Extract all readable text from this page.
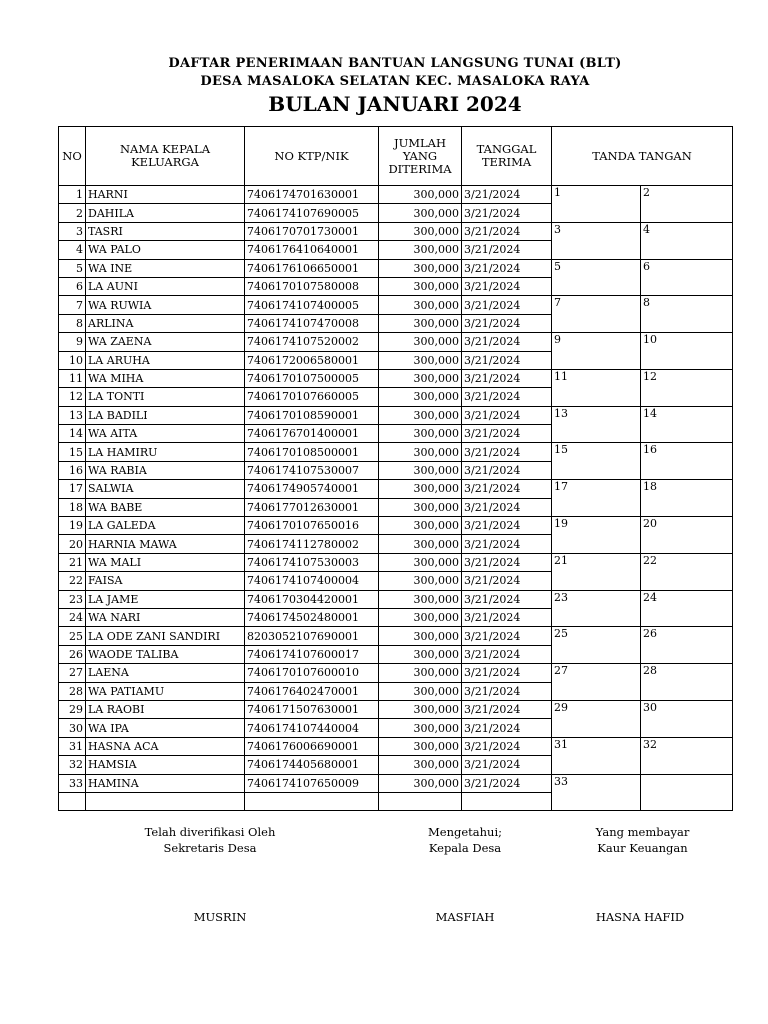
DAFTAR PENERIMAAN BANTUAN LANGSUNG TUNAI (BLT)
DESA MASALOKA SELATAN KEC. MASALOKA RAYA
BULAN JANUARI 2024
NO	NAMA KEPALA KELUARGA	NO KTP/NIK	JUMLAH YANG DITERIMA	TANGGAL TERIMA	TANDA TANGAN	
1	HARNI	7406174701630001	300,000	3/21/2024	1	2
2	DAHILA	7406174107690005	300,000	3/21/2024		
3	TASRI	7406170701730001	300,000	3/21/2024	3	4
4	WA PALO	7406176410640001	300,000	3/21/2024		
5	WA INE	7406176106650001	300,000	3/21/2024	5	6
6	LA AUNI	7406170107580008	300,000	3/21/2024		
7	WA RUWIA	7406174107400005	300,000	3/21/2024	7	8
8	ARLINA	7406174107470008	300,000	3/21/2024		
9	WA ZAENA	7406174107520002	300,000	3/21/2024	9	10
10	LA ARUHA	7406172006580001	300,000	3/21/2024		
11	WA MIHA	7406170107500005	300,000	3/21/2024	11	12
12	LA TONTI	7406170107660005	300,000	3/21/2024		
13	LA BADILI	7406170108590001	300,000	3/21/2024	13	14
14	WA AITA	7406176701400001	300,000	3/21/2024		
15	LA HAMIRU	7406170108500001	300,000	3/21/2024	15	16
16	WA RABIA	7406174107530007	300,000	3/21/2024		
17	SALWIA	7406174905740001	300,000	3/21/2024	17	18
18	WA BABE	7406177012630001	300,000	3/21/2024		
19	LA GALEDA	7406170107650016	300,000	3/21/2024	19	20
20	HARNIA MAWA	7406174112780002	300,000	3/21/2024		
21	WA MALI	7406174107530003	300,000	3/21/2024	21	22
22	FAISA	7406174107400004	300,000	3/21/2024		
23	LA JAME	7406170304420001	300,000	3/21/2024	23	24
24	WA NARI	7406174502480001	300,000	3/21/2024		
25	LA ODE ZANI SANDIRI	8203052107690001	300,000	3/21/2024	25	26
26	WAODE TALIBA	7406174107600017	300,000	3/21/2024		
27	LAENA	7406170107600010	300,000	3/21/2024	27	28
28	WA PATIAMU	7406176402470001	300,000	3/21/2024		
29	LA RAOBI	7406171507630001	300,000	3/21/2024	29	30
30	WA IPA	7406174107440004	300,000	3/21/2024		
31	HASNA ACA	7406176006690001	300,000	3/21/2024	31	32
32	HAMSIA	7406174405680001	300,000	3/21/2024		
33	HAMINA	7406174107650009	300,000	3/21/2024	33	

Telah diverifikasi Oleh
Sekretaris Desa
Mengetahui;
Kepala Desa
Yang membayar
Kaur Keuangan
MUSRIN	MASFIAH	HASNA HAFID
